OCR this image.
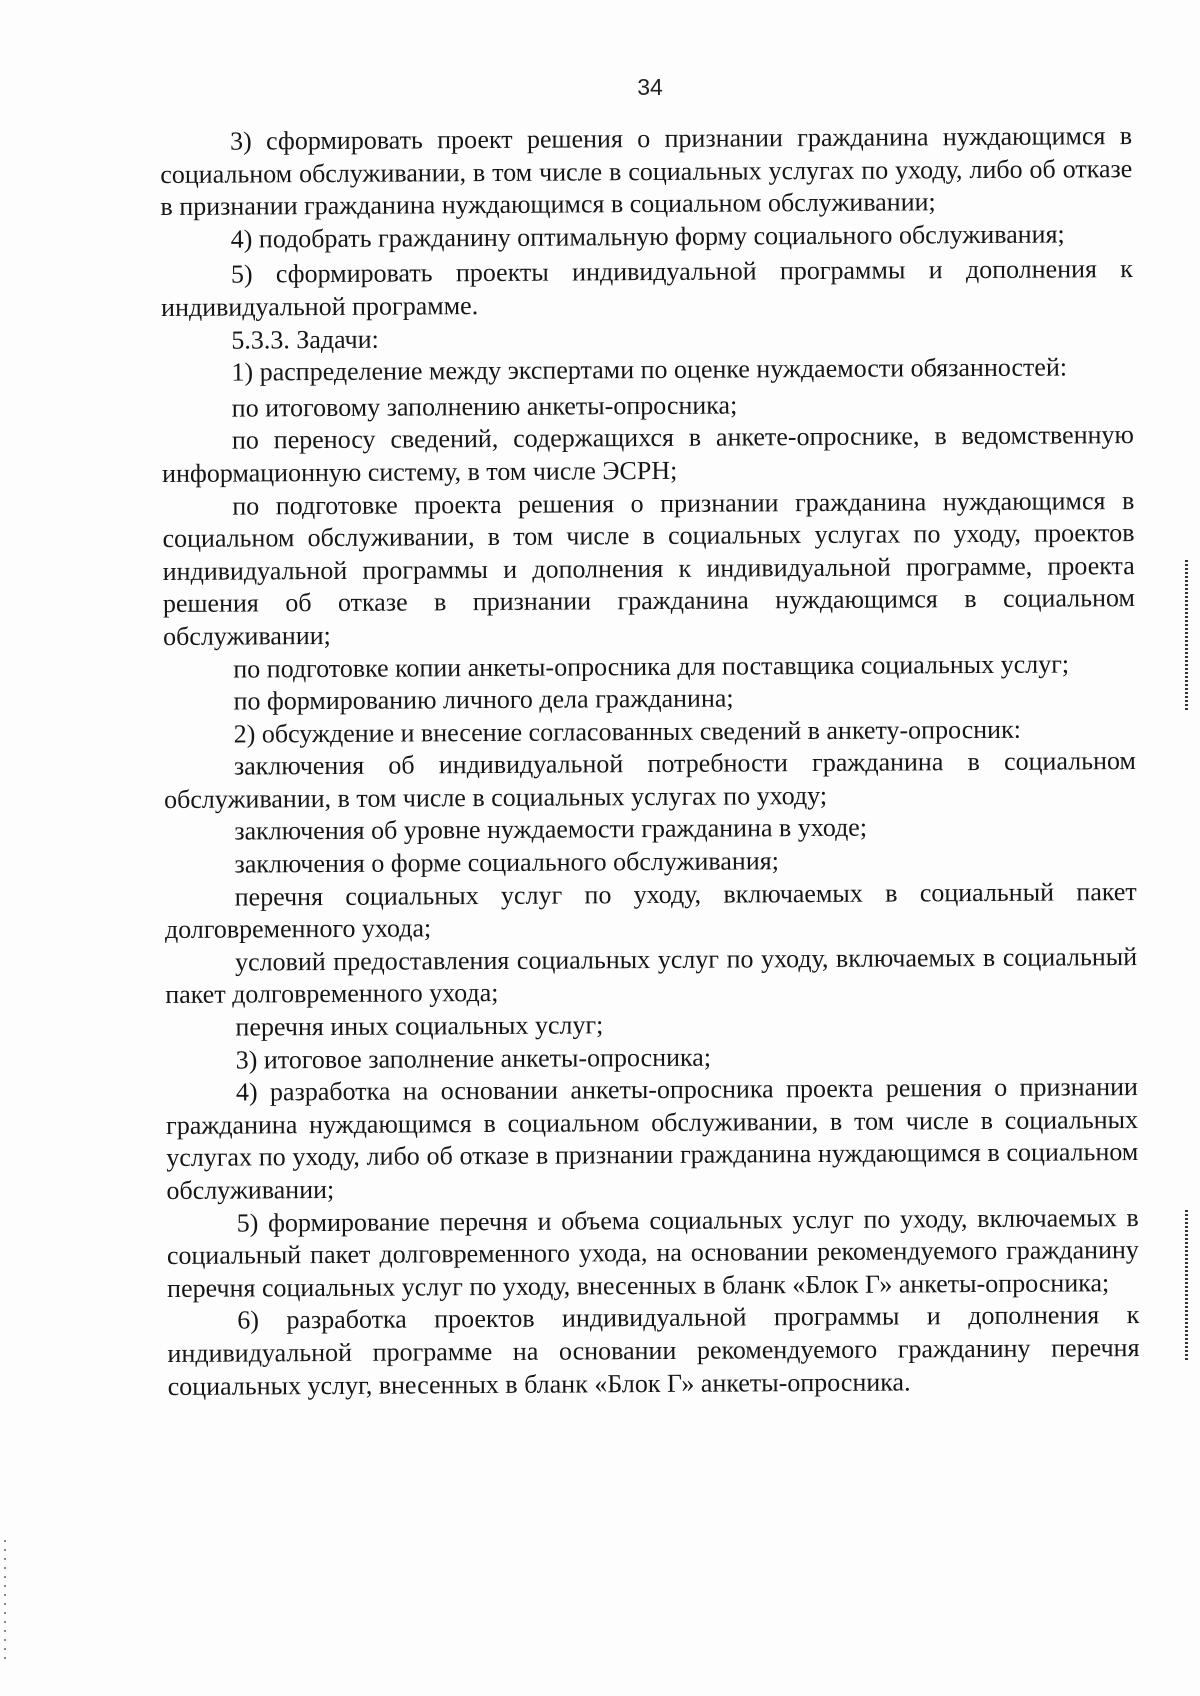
34

3) сформировать проект решения о признании гражданина нуждающимся в социальном обслуживании, в том числе в социальных услугах по уходу, либо об отказе в признании гражданина нуждающимся в социальном обслуживании;

4) подобрать гражданину оптимальную форму социального обслуживания;

5) сформировать проекты индивидуальной программы и дополнения к индивидуальной программе.

5.3.3. Задачи:

1) распределение между экспертами по оценке нуждаемости обязанностей:

по итоговому заполнению анкеты-опросника;

по переносу сведений, содержащихся в анкете-опроснике, в ведомственную информационную систему, в том числе ЭСРН;

по подготовке проекта решения о признании гражданина нуждающимся в социальном обслуживании, в том числе в социальных услугах по уходу, проектов индивидуальной программы и дополнения к индивидуальной программе, проекта решения об отказе в признании гражданина нуждающимся в социальном обслуживании;

по подготовке копии анкеты-опросника для поставщика социальных услуг;

по формированию личного дела гражданина;

2) обсуждение и внесение согласованных сведений в анкету-опросник:

заключения об индивидуальной потребности гражданина в социальном обслуживании, в том числе в социальных услугах по уходу;

заключения об уровне нуждаемости гражданина в уходе;

заключения о форме социального обслуживания;

перечня социальных услуг по уходу, включаемых в социальный пакет долговременного ухода;

условий предоставления социальных услуг по уходу, включаемых в социальный пакет долговременного ухода;

перечня иных социальных услуг;

3) итоговое заполнение анкеты-опросника;

4) разработка на основании анкеты-опросника проекта решения о признании гражданина нуждающимся в социальном обслуживании, в том числе в социальных услугах по уходу, либо об отказе в признании гражданина нуждающимся в социальном обслуживании;

5) формирование перечня и объема социальных услуг по уходу, включаемых в социальный пакет долговременного ухода, на основании рекомендуемого гражданину перечня социальных услуг по уходу, внесенных в бланк «Блок Г» анкеты-опросника;

6) разработка проектов индивидуальной программы и дополнения к индивидуальной программе на основании рекомендуемого гражданину перечня социальных услуг, внесенных в бланк «Блок Г» анкеты-опросника.
